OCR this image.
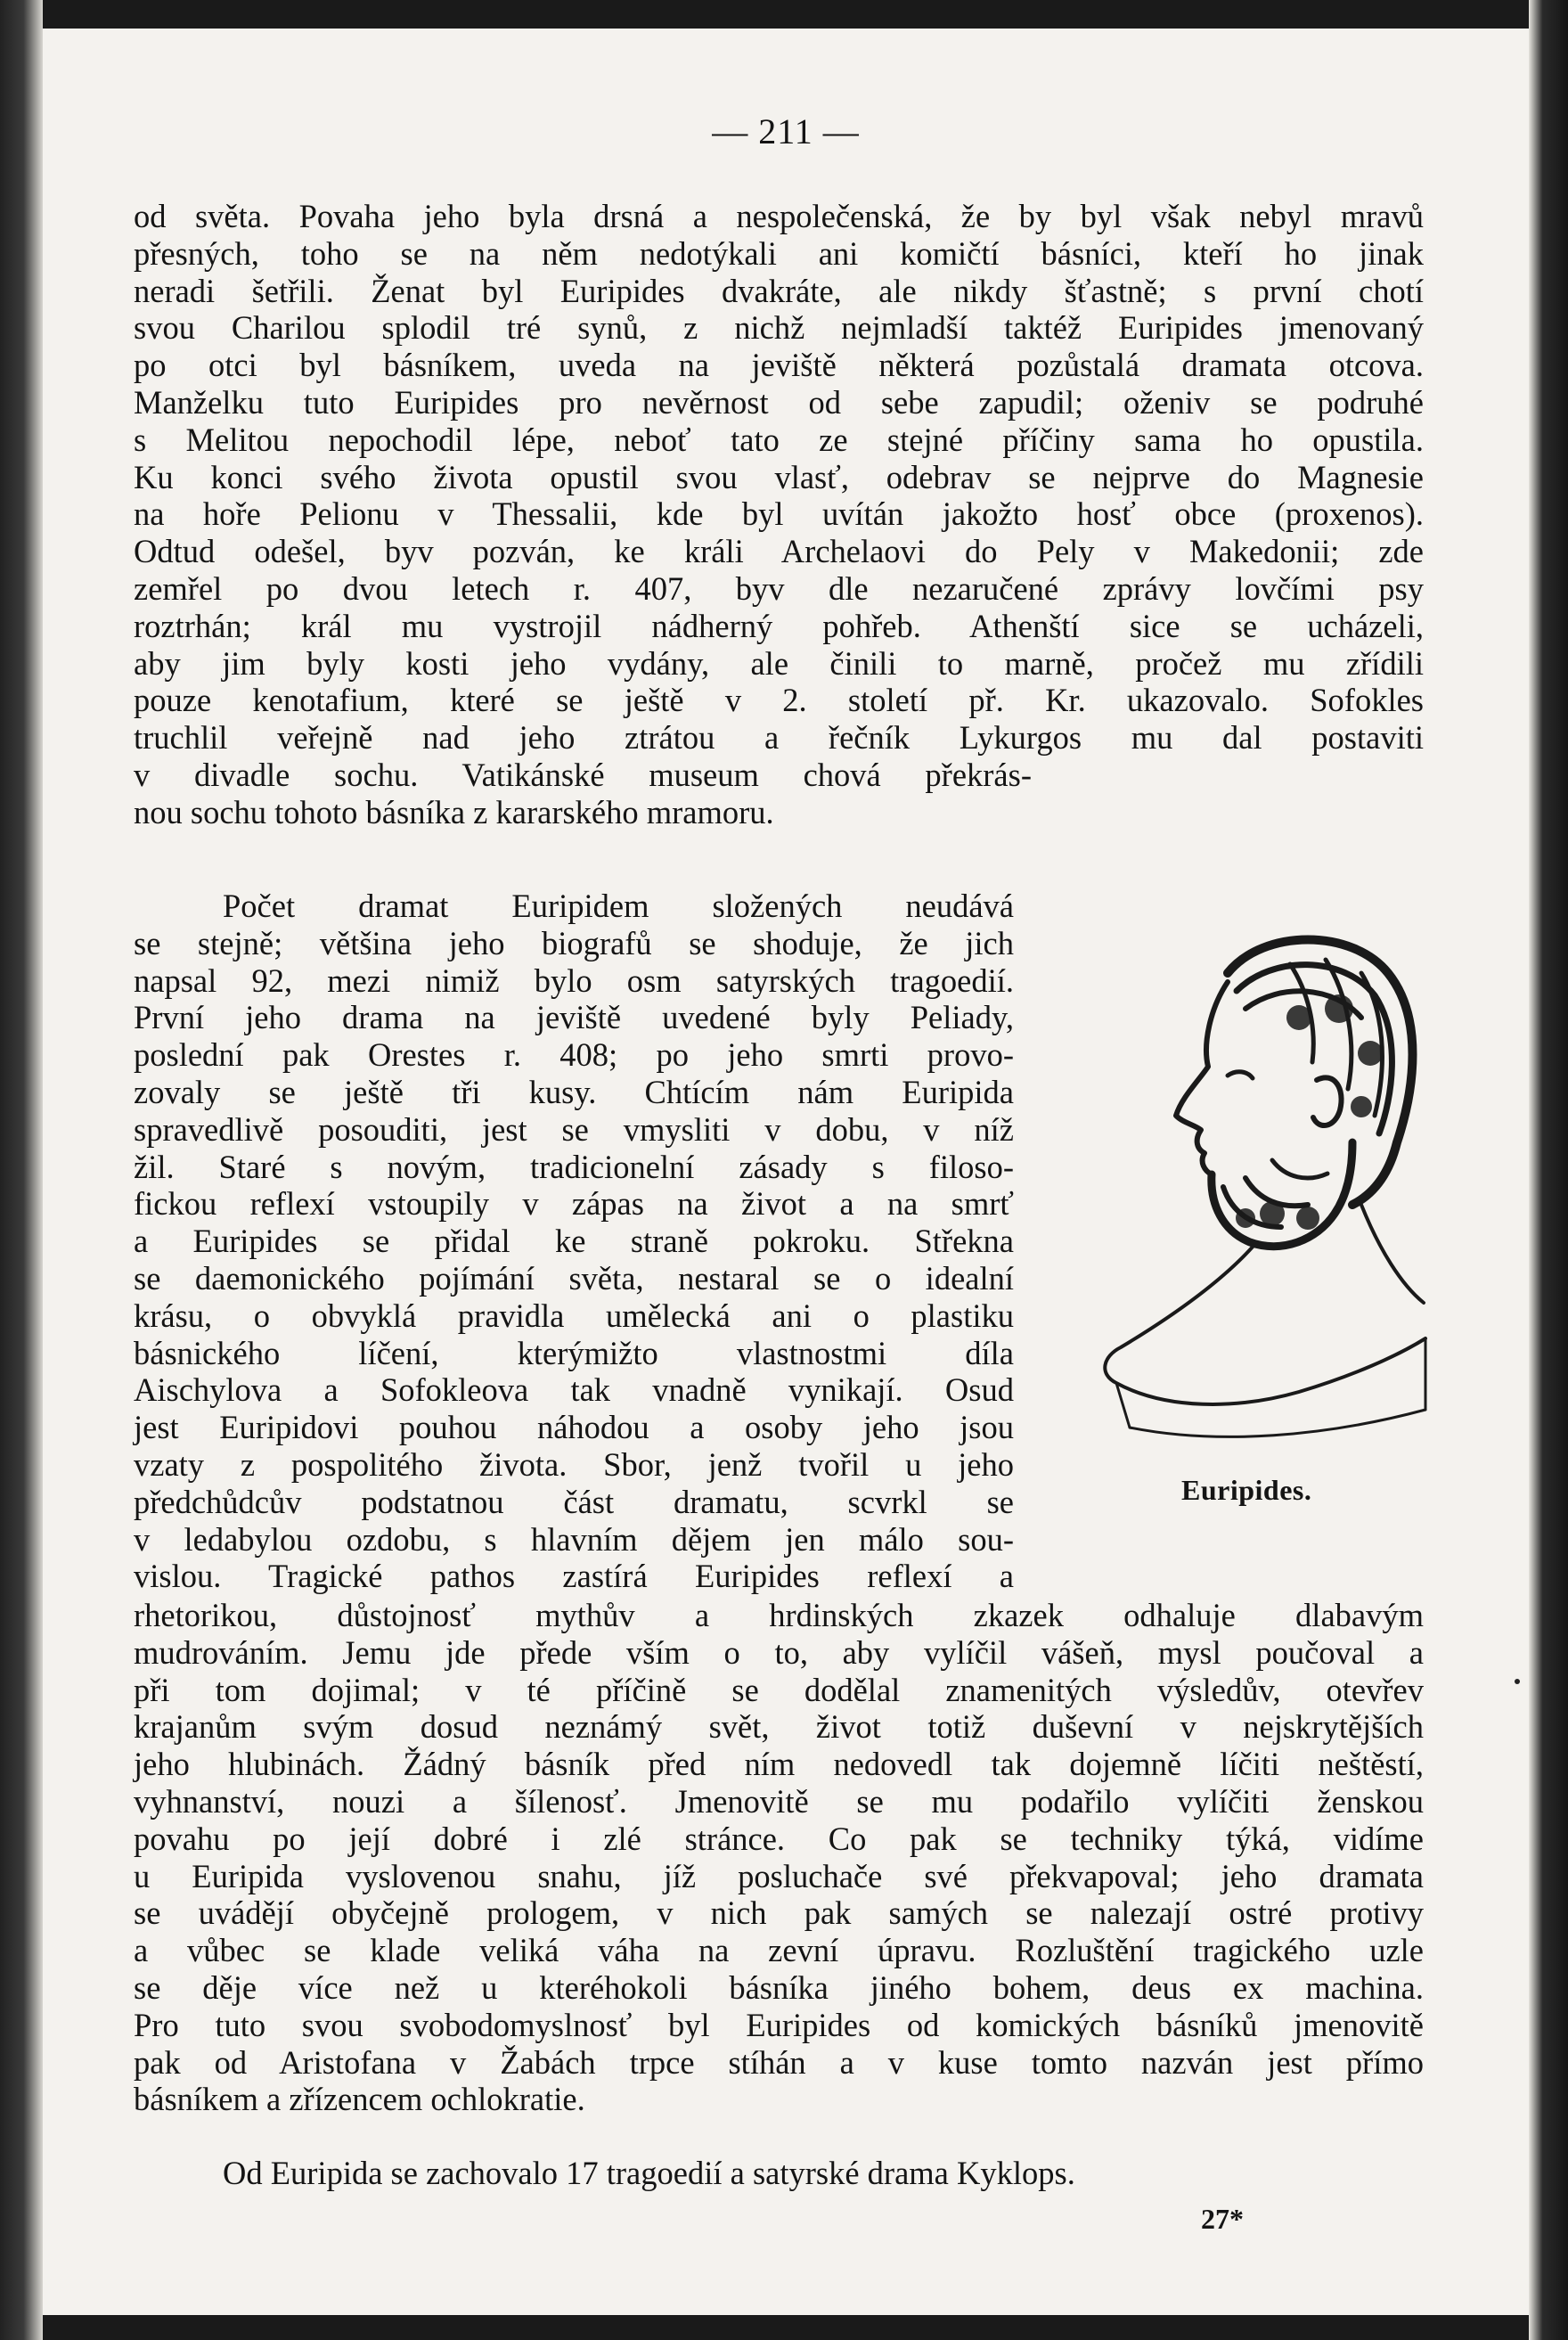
— 211 —
od světa. Povaha jeho byla drsná a nespolečenská, že by byl však nebyl mravů
přesných, toho se na něm nedotýkali ani komičtí básníci, kteří ho jinak
neradi šetřili. Ženat byl Euripides dvakráte, ale nikdy šťastně; s první chotí
svou Charilou splodil tré synů, z nichž nejmladší taktéž Euripides jmenovaný
po otci byl básníkem, uveda na jeviště některá pozůstalá dramata otcova.
Manželku tuto Euripides pro nevěrnost od sebe zapudil; oženiv se podruhé
s Melitou nepochodil lépe, neboť tato ze stejné příčiny sama ho opustila.
Ku konci svého života opustil svou vlasť, odebrav se nejprve do Magnesie
na hoře Pelionu v Thessalii, kde byl uvítán jakožto hosť obce (proxenos).
Odtud odešel, byv pozván, ke králi Archelaovi do Pely v Makedonii; zde
zemřel po dvou letech r. 407, byv dle nezaručené zprávy lovčími psy
roztrhán; král mu vystrojil nádherný pohřeb. Athenští sice se ucházeli,
aby jim byly kosti jeho vydány, ale činili to marně, pročež mu zřídili
pouze kenotafium, které se ještě v 2. století př. Kr. ukazovalo. Sofokles
truchlil veřejně nad jeho ztrátou a řečník Lykurgos mu dal postaviti
v divadle sochu. Vatikánské museum chová překrás-
nou sochu tohoto básníka z kararského mramoru.
Počet dramat Euripidem složených neudává
se stejně; většina jeho biografů se shoduje, že jich
napsal 92, mezi nimiž bylo osm satyrských tragoedií.
První jeho drama na jeviště uvedené byly Peliady,
poslední pak Orestes r. 408; po jeho smrti provo-
zovaly se ještě tři kusy. Chtícím nám Euripida
spravedlivě posouditi, jest se vmysliti v dobu, v níž
žil. Staré s novým, tradicionelní zásady s filoso-
fickou reflexí vstoupily v zápas na život a na smrť
a Euripides se přidal ke straně pokroku. Střekna
se daemonického pojímání světa, nestaral se o idealní
krásu, o obvyklá pravidla umělecká ani o plastiku
básnického líčení, kterýmižto vlastnostmi díla
Aischylova a Sofokleova tak vnadně vynikají. Osud
jest Euripidovi pouhou náhodou a osoby jeho jsou
vzaty z pospolitého života. Sbor, jenž tvořil u jeho
předchůdcův podstatnou část dramatu, scvrkl se
v ledabylou ozdobu, s hlavním dějem jen málo sou-
vislou. Tragické pathos zastírá Euripides reflexí a
rhetorikou, důstojnosť mythův a hrdinských zkazek odhaluje dlabavým
mudrováním. Jemu jde přede vším o to, aby vylíčil vášeň, mysl poučoval a
při tom dojimal; v té příčině se dodělal znamenitých výsledův, otevřev
krajanům svým dosud neznámý svět, život totiž duševní v nejskrytějších
jeho hlubinách. Žádný básník před ním nedovedl tak dojemně líčiti neštěstí,
vyhnanství, nouzi a šílenosť. Jmenovitě se mu podařilo vylíčiti ženskou
povahu po její dobré i zlé stránce. Co pak se techniky týká, vidíme
u Euripida vyslovenou snahu, jíž posluchače své překvapoval; jeho dramata
se uvádějí obyčejně prologem, v nich pak samých se nalezají ostré protivy
a vůbec se klade veliká váha na zevní úpravu. Rozluštění tragického uzle
se děje více než u kteréhokoli básníka jiného bohem, deus ex machina.
Pro tuto svou svobodomyslnosť byl Euripides od komických básníků jmenovitě
pak od Aristofana v Žabách trpce stíhán a v kuse tomto nazván jest přímo
básníkem a zřízencem ochlokratie.
Od Euripida se zachovalo 17 tragoedií a satyrské drama Kyklops.
Euripides.
27*
